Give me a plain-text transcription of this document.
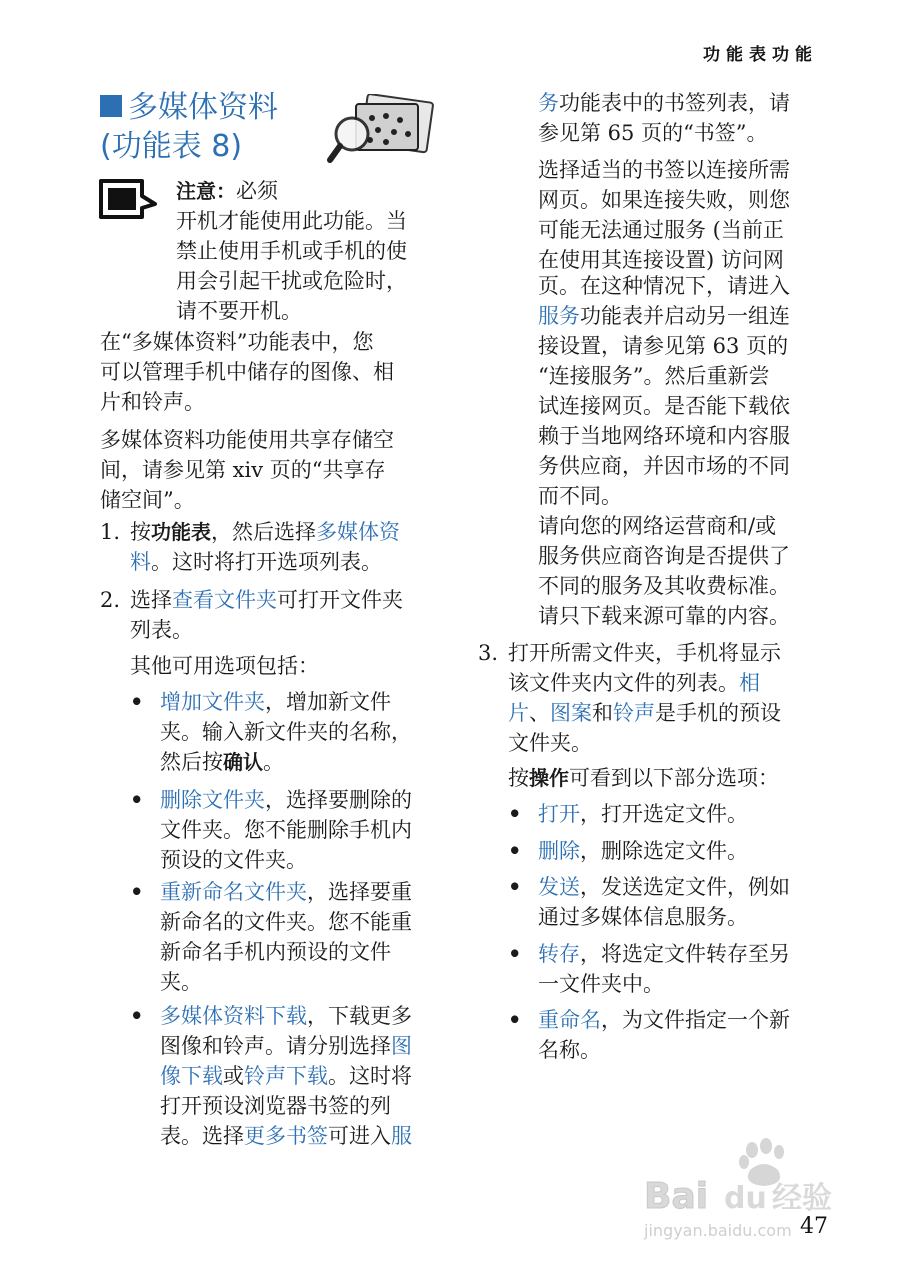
功能表功能
多媒体资料
(功能表 8)
注意：必须
开机才能使用此功能。当
禁止使用手机或手机的使
用会引起干扰或危险时，
请不要开机。
在“多媒体资料”功能表中，您
可以管理手机中储存的图像、相
片和铃声。
多媒体资料功能使用共享存储空
间，请参见第 xiv 页的“共享存
储空间”。
1. 按功能表，然后选择多媒体资
料。这时将打开选项列表。
2. 选择查看文件夹可打开文件夹
列表。
其他可用选项包括：
• 增加文件夹，增加新文件
夹。输入新文件夹的名称，
然后按确认。
• 删除文件夹，选择要删除的
文件夹。您不能删除手机内
预设的文件夹。
• 重新命名文件夹，选择要重
新命名的文件夹。您不能重
新命名手机内预设的文件
夹。
• 多媒体资料下载，下载更多
图像和铃声。请分别选择图
像下载或铃声下载。这时将
打开预设浏览器书签的列
表。选择更多书签可进入服
务功能表中的书签列表，请
参见第 65 页的“书签”。
选择适当的书签以连接所需
网页。如果连接失败，则您
可能无法通过服务 (当前正
在使用其连接设置) 访问网
页。在这种情况下，请进入
服务功能表并启动另一组连
接设置，请参见第 63 页的
“连接服务”。然后重新尝
试连接网页。是否能下载依
赖于当地网络环境和内容服
务供应商，并因市场的不同
而不同。
请向您的网络运营商和/或
服务供应商咨询是否提供了
不同的服务及其收费标准。
请只下载来源可靠的内容。
3. 打开所需文件夹，手机将显示
该文件夹内文件的列表。相
片、图案和铃声是手机的预设
文件夹。
按操作可看到以下部分选项：
• 打开，打开选定文件。
• 删除，删除选定文件。
• 发送，发送选定文件，例如
通过多媒体信息服务。
• 转存，将选定文件转存至另
一文件夹中。
• 重命名，为文件指定一个新
名称。
Bai du 经验
jingyan.baidu.com 47
